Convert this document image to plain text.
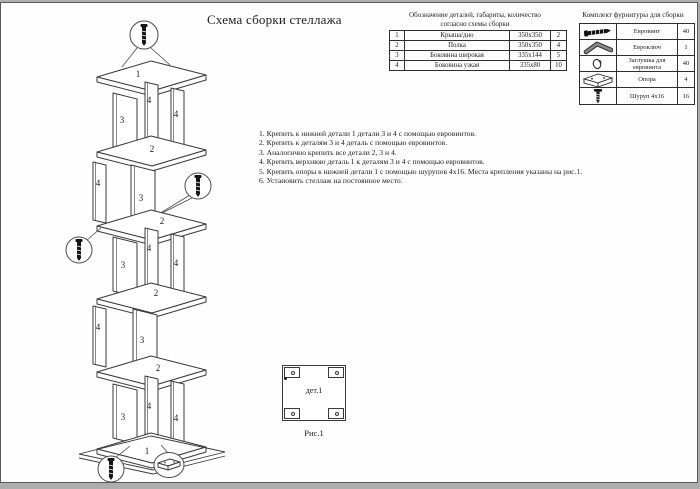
1
4
3
4
2
4
3
2
4
3	4
2
4
3
2
4
3	4
1
Схема сборки стеллажа	Обозначение деталей, габариты, количество
согласно схемы сборки
1	Крыша/дно	350х350	2
2	Полка	350х350	4
3	Боковина широкая	335х144	5
4	Боковина узкая	335х80	10
Комплект фурнитуры для сборки
	Евровинт	40

	Евроключ	1

	Заглушка для евровинта	40

	Опора	4

	Шуруп 4х16	16
1. Крепить к нижней детали 1 детали 3 и 4 с помощью евровинтов.
2. Крепить к деталям 3 и 4 деталь с помощью евровинтов.
3. Аналогично крепить все детали 2, 3 и 4.
4. Крепить верхнюю деталь 1 к деталям 3 и 4 с помощью евровинтов.
5. Крепить опоры к нижней детали 1 с помощью шурупов 4х16. Места крепления указаны на рис.1.
6. Установить стеллаж на постоянное место.
дет.1
Рис.1
